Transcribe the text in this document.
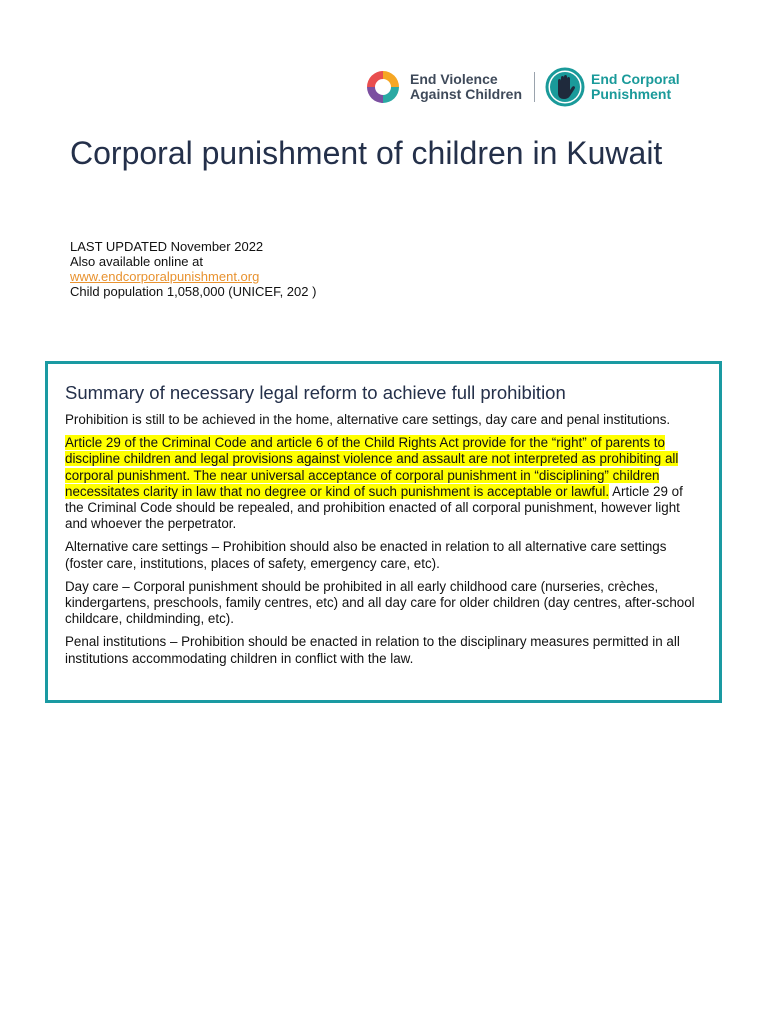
End Violence
Against Children
End Corporal
Punishment
Corporal punishment of children in Kuwait
LAST UPDATED November 2022
Also available online at
www.endcorporalpunishment.org
Child population 1,058,000 (UNICEF, 202 )
Summary of necessary legal reform to achieve full prohibition

Prohibition is still to be achieved in the home, alternative care settings, day care and penal institutions.

Article 29 of the Criminal Code and article 6 of the Child Rights Act provide for the “right” of parents to discipline children and legal provisions against violence and assault are not interpreted as prohibiting all corporal punishment. The near universal acceptance of corporal punishment in “disciplining” children necessitates clarity in law that no degree or kind of such punishment is acceptable or lawful. Article 29 of the Criminal Code should be repealed, and prohibition enacted of all corporal punishment, however light and whoever the perpetrator.

Alternative care settings – Prohibition should also be enacted in relation to all alternative care settings (foster care, institutions, places of safety, emergency care, etc).

Day care – Corporal punishment should be prohibited in all early childhood care (nurseries, crèches, kindergartens, preschools, family centres, etc) and all day care for older children (day centres, after-school childcare, childminding, etc).

Penal institutions – Prohibition should be enacted in relation to the disciplinary measures permitted in all institutions accommodating children in conflict with the law.
